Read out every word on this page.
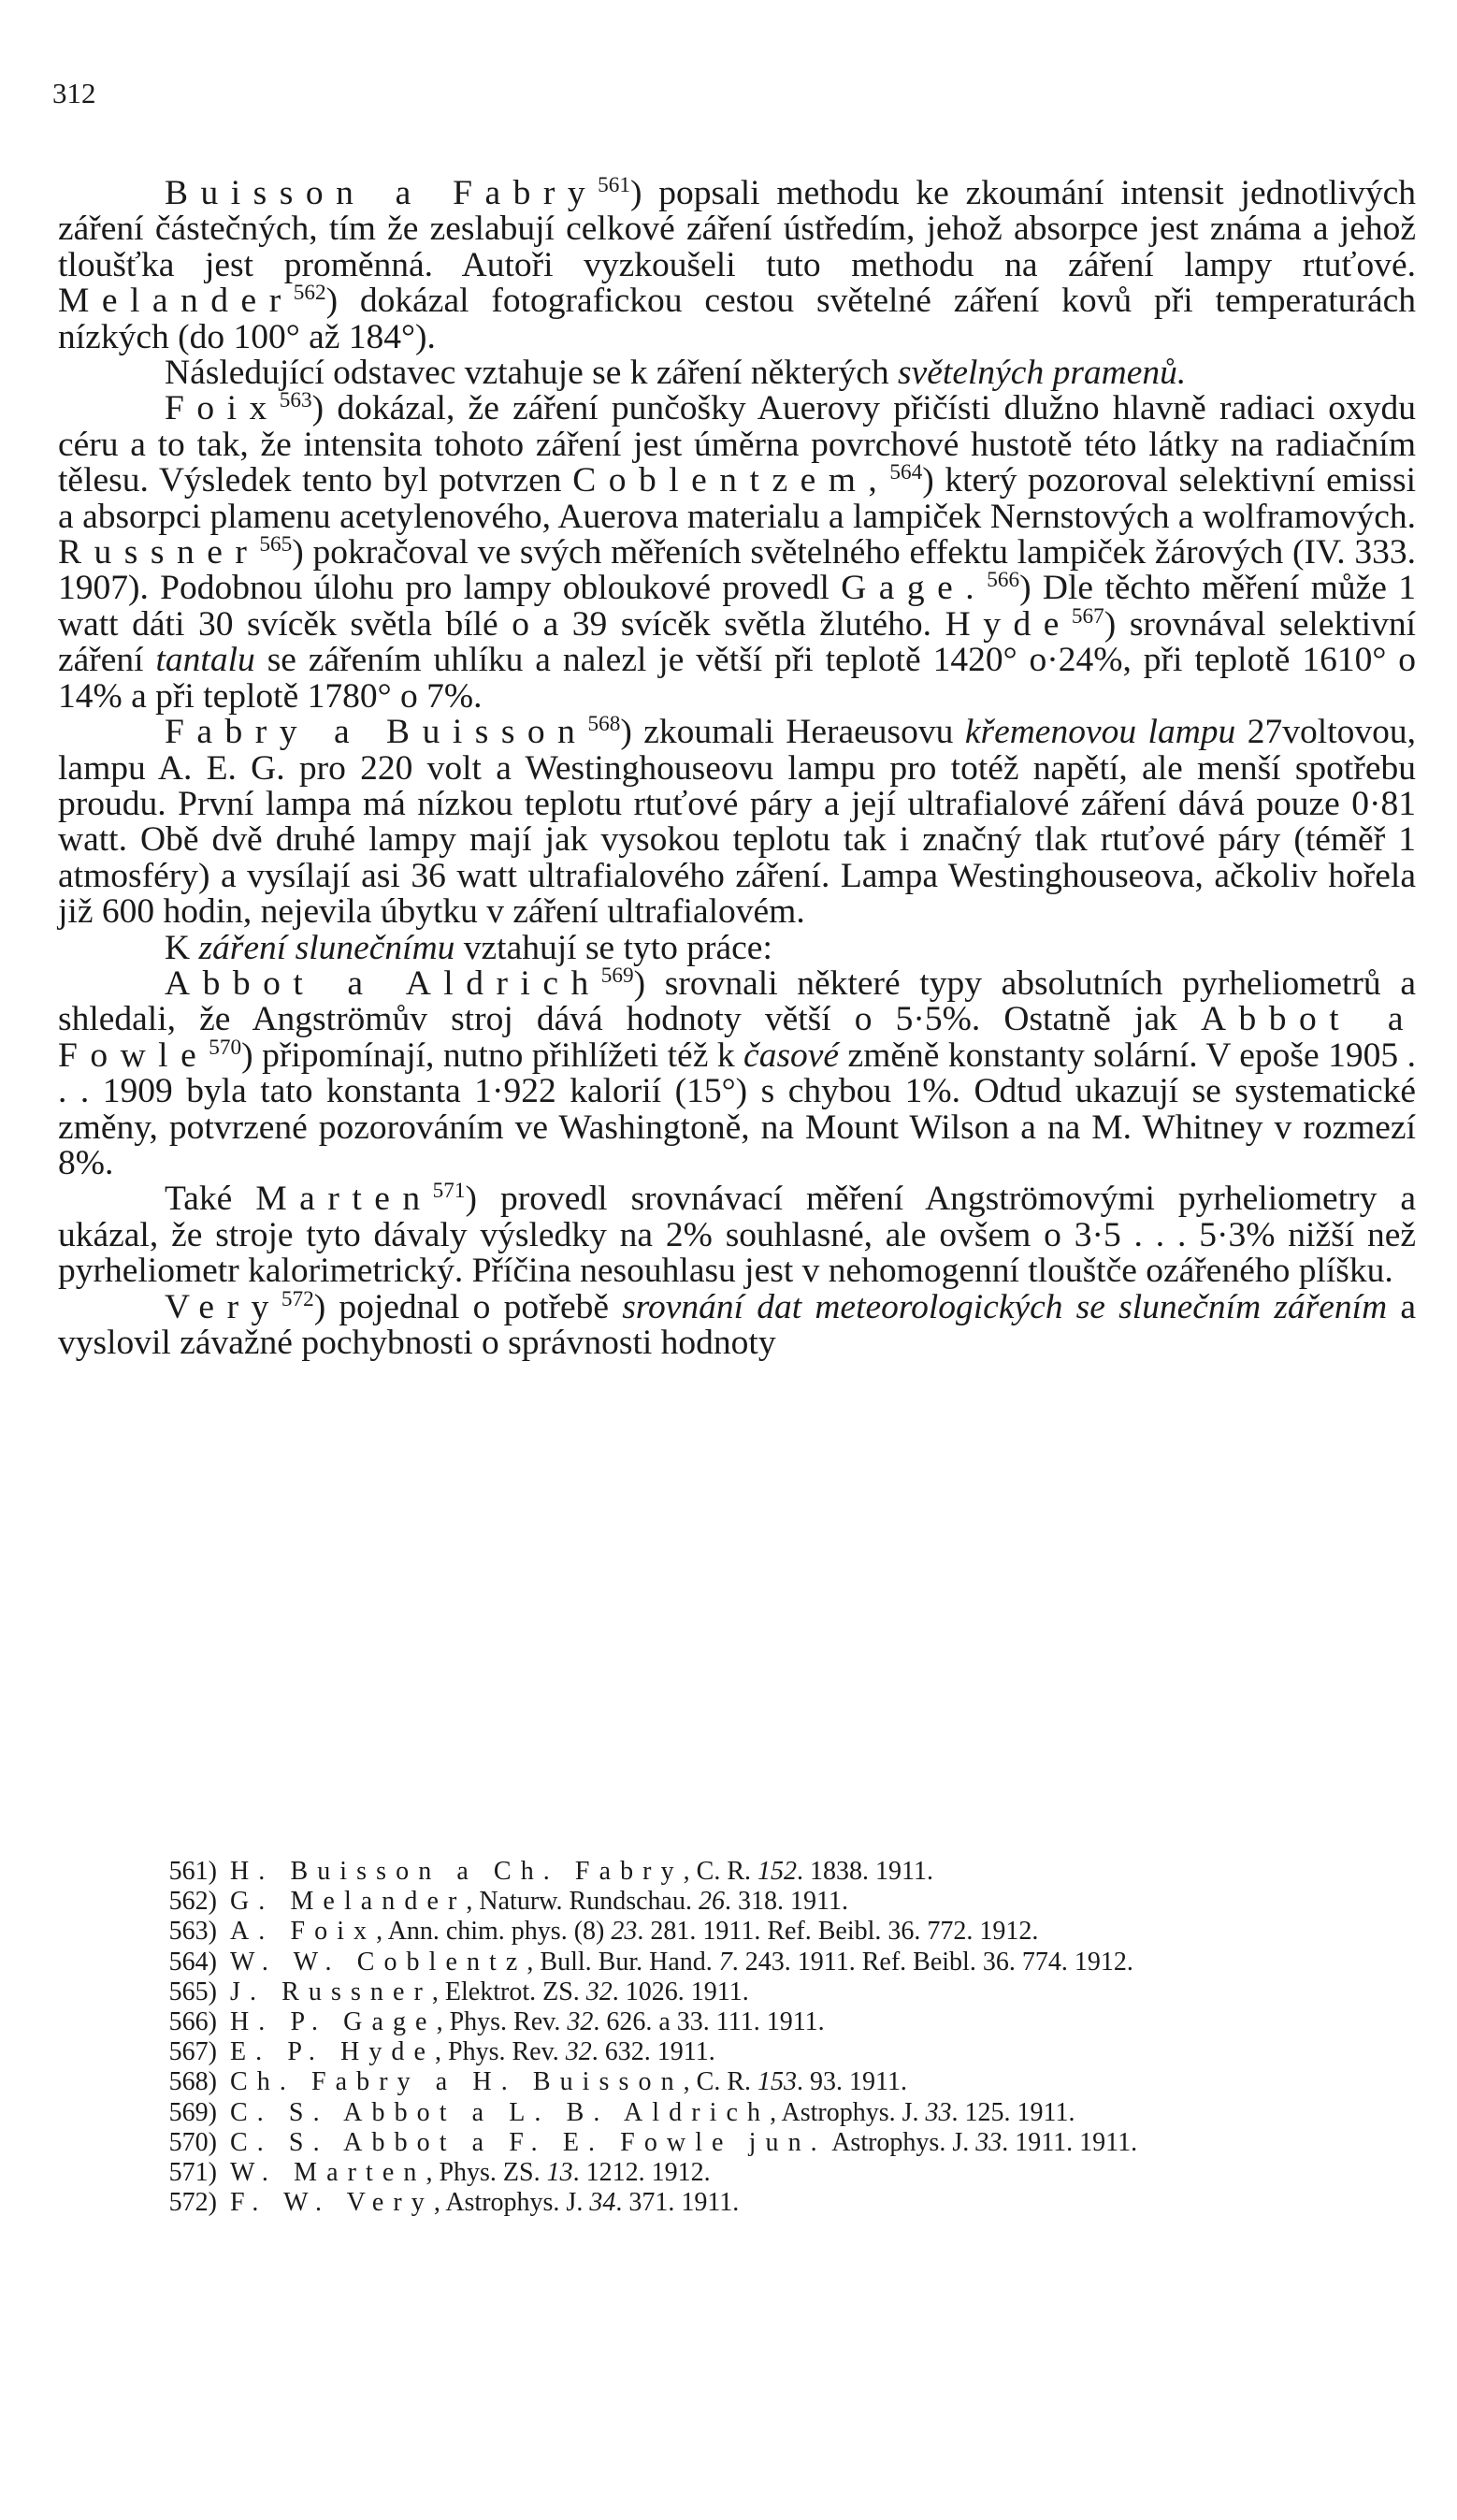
312

Buisson a Fabry$^{561}$) popsali methodu ke zkoumání intensit jednotlivých záření částečných, tím že zeslabují celkové záření ústředím, jehož absorpce jest známa a jehož tloušťka jest proměnná. Autoři vyzkoušeli tuto methodu na záření lampy rtuťové. Melander$^{562}$) dokázal fotografickou cestou světelné záření kovů při temperaturách nízkých (do 100° až 184°).

Následující odstavec vztahuje se k záření některých světelných pramenů.

Foix$^{563}$) dokázal, že záření punčošky Auerovy přičísti dlužno hlavně radiaci oxydu céru a to tak, že intensita tohoto záření jest úměrna povrchové hustotě této látky na radiačním tělesu. Výsledek tento byl potvrzen Coblentzem,$^{564}$) který pozoroval selektivní emissi a absorpci plamenu acetylenového, Auerova materialu a lampiček Nernstových a wolframových. Russner$^{565}$) pokračoval ve svých měřeních světelného effektu lampiček žárových (IV. 333. 1907). Podobnou úlohu pro lampy obloukové provedl Gage.$^{566}$) Dle těchto měření může 1 watt dáti 30 svícěk světla bílé o a 39 svícěk světla žlutého. Hyde$^{567}$) srovnával selektivní záření tantalu se zářením uhlíku a nalezl je větší při teplotě 1420° o·24%, při teplotě 1610° o 14% a při teplotě 1780° o 7%.

Fabry a Buisson$^{568}$) zkoumali Heraeusovu křemenovou lampu 27voltovou, lampu A. E. G. pro 220 volt a Westinghouseovu lampu pro totéž napětí, ale menší spotřebu proudu. První lampa má nízkou teplotu rtuťové páry a její ultrafialové záření dává pouze 0·81 watt. Obě dvě druhé lampy mají jak vysokou teplotu tak i značný tlak rtuťové páry (téměř 1 atmosféry) a vysílají asi 36 watt ultrafialového záření. Lampa Westinghouseova, ačkoliv hořela již 600 hodin, nejevila úbytku v záření ultrafialovém.

K záření slunečnímu vztahují se tyto práce:

Abbot a Aldrich$^{569}$) srovnali některé typy absolutních pyrheliometrů a shledali, že Angströmův stroj dává hodnoty větší o 5·5%. Ostatně jak Abbot a Fowle$^{570}$) připomínají, nutno přihlížeti též k časové změně konstanty solární. V epoše 1905 . . . 1909 byla tato konstanta 1·922 kalorií (15°) s chybou 1%. Odtud ukazují se systematické změny, potvrzené pozorováním ve Washingtoně, na Mount Wilson a na M. Whitney v rozmezí 8%.

Také Marten$^{571}$) provedl srovnávací měření Angströmovými pyrheliometry a ukázal, že stroje tyto dávaly výsledky na 2% souhlasné, ale ovšem o 3·5 . . . 5·3% nižší než pyrheliometr kalorimetrický. Příčina nesouhlasu jest v nehomogenní tlouštče ozářeného plíšku.

Very$^{572}$) pojednal o potřebě srovnání dat meteorologických se slunečním zářením a vyslovil závažné pochybnosti o správnosti hodnoty

561) H. Buisson a Ch. Fabry, C. R. 152. 1838. 1911.

562) G. Melander, Naturw. Rundschau. 26. 318. 1911.

563) A. Foix, Ann. chim. phys. (8) 23. 281. 1911. Ref. Beibl. 36. 772. 1912.

564) W. W. Coblentz, Bull. Bur. Hand. 7. 243. 1911. Ref. Beibl. 36. 774. 1912.

565) J. Russner, Elektrot. ZS. 32. 1026. 1911.

566) H. P. Gage, Phys. Rev. 32. 626. a 33. 111. 1911.

567) E. P. Hyde, Phys. Rev. 32. 632. 1911.

568) Ch. Fabry a H. Buisson, C. R. 153. 93. 1911.

569) C. S. Abbot a L. B. Aldrich, Astrophys. J. 33. 125. 1911.

570) C. S. Abbot a F. E. Fowle jun. Astrophys. J. 33. 1911. 1911.

571) W. Marten, Phys. ZS. 13. 1212. 1912.

572) F. W. Very, Astrophys. J. 34. 371. 1911.
